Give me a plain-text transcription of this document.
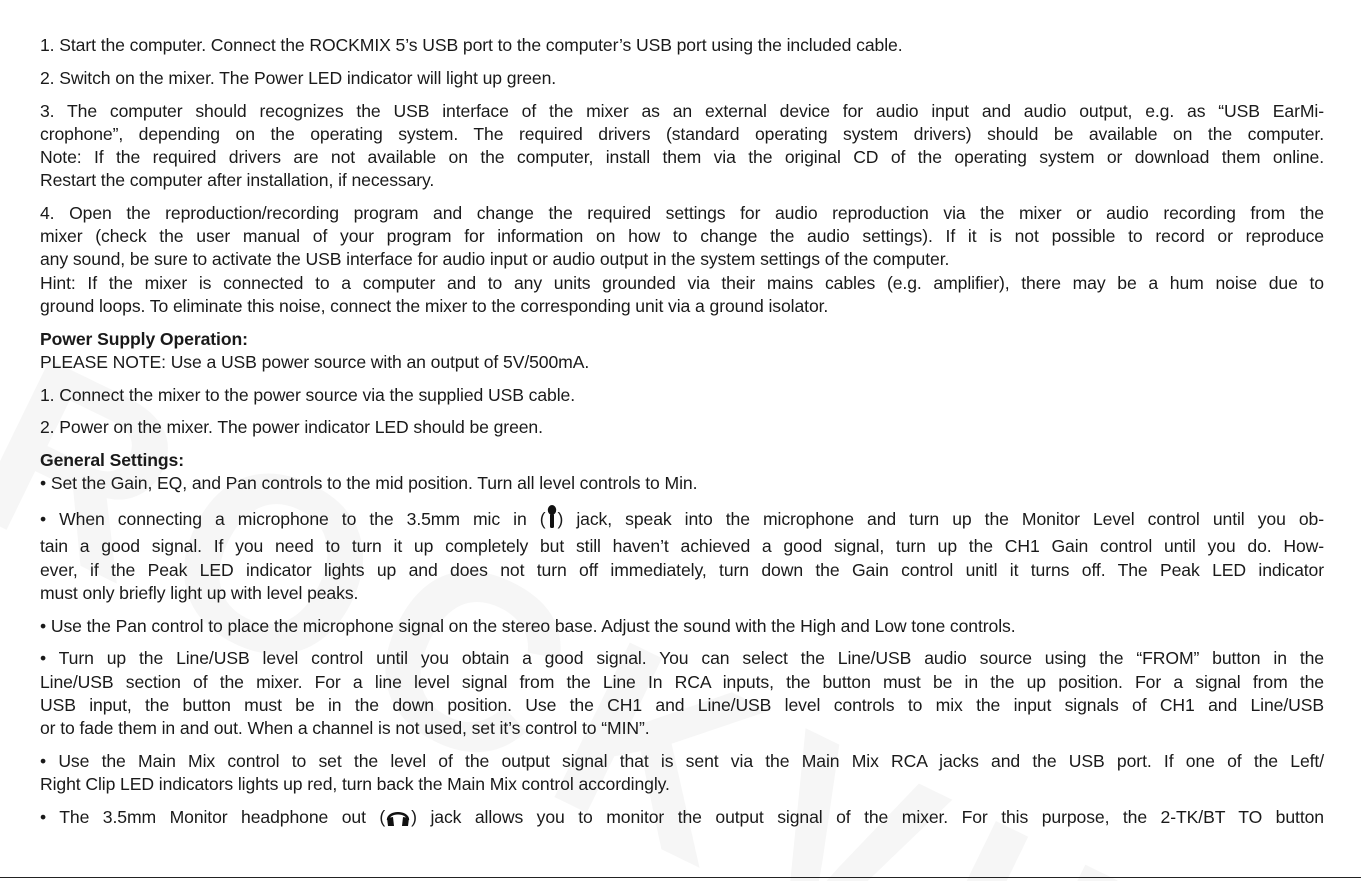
1. Start the computer. Connect the ROCKMIX 5’s USB port to the computer’s USB port using the included cable.

2. Switch on the mixer. The Power LED indicator will light up green.

3. The computer should recognizes the USB interface of the mixer as an external device for audio input and audio output, e.g. as “USB EarMi-
crophone”, depending on the operating system. The required drivers (standard operating system drivers) should be available on the computer.
Note: If the required drivers are not available on the computer, install them via the original CD of the operating system or download them online.
Restart the computer after installation, if necessary.

4. Open the reproduction/recording program and change the required settings for audio reproduction via the mixer or audio recording from the
mixer (check the user manual of your program for information on how to change the audio settings). If it is not possible to record or reproduce
any sound, be sure to activate the USB interface for audio input or audio output in the system settings of the computer.
Hint: If the mixer is connected to a computer and to any units grounded via their mains cables (e.g. amplifier), there may be a hum noise due to
ground loops. To eliminate this noise, connect the mixer to the corresponding unit via a ground isolator.

Power Supply Operation:
PLEASE NOTE: Use a USB power source with an output of 5V/500mA.

1. Connect the mixer to the power source via the supplied USB cable.

2. Power on the mixer. The power indicator LED should be green.

General Settings:
• Set the Gain, EQ, and Pan controls to the mid position. Turn all level controls to Min.

• When connecting a microphone to the 3.5mm mic in ( ) jack, speak into the microphone and turn up the Monitor Level control until you ob-
tain a good signal. If you need to turn it up completely but still haven’t achieved a good signal, turn up the CH1 Gain control until you do. How-
ever, if the Peak LED indicator lights up and does not turn off immediately, turn down the Gain control unitl it turns off. The Peak LED indicator
must only briefly light up with level peaks.

• Use the Pan control to place the microphone signal on the stereo base. Adjust the sound with the High and Low tone controls.

• Turn up the Line/USB level control until you obtain a good signal. You can select the Line/USB audio source using the “FROM” button in the
Line/USB section of the mixer. For a line level signal from the Line In RCA inputs, the button must be in the up position. For a signal from the
USB input, the button must be in the down position. Use the CH1 and Line/USB level controls to mix the input signals of CH1 and Line/USB
or to fade them in and out. When a channel is not used, set it’s control to “MIN”.

• Use the Main Mix control to set the level of the output signal that is sent via the Main Mix RCA jacks and the USB port. If one of the Left/
Right Clip LED indicators lights up red, turn back the Main Mix control accordingly.

• The 3.5mm Monitor headphone out ( ) jack allows you to monitor the output signal of the mixer. For this purpose, the 2-TK/BT TO button
